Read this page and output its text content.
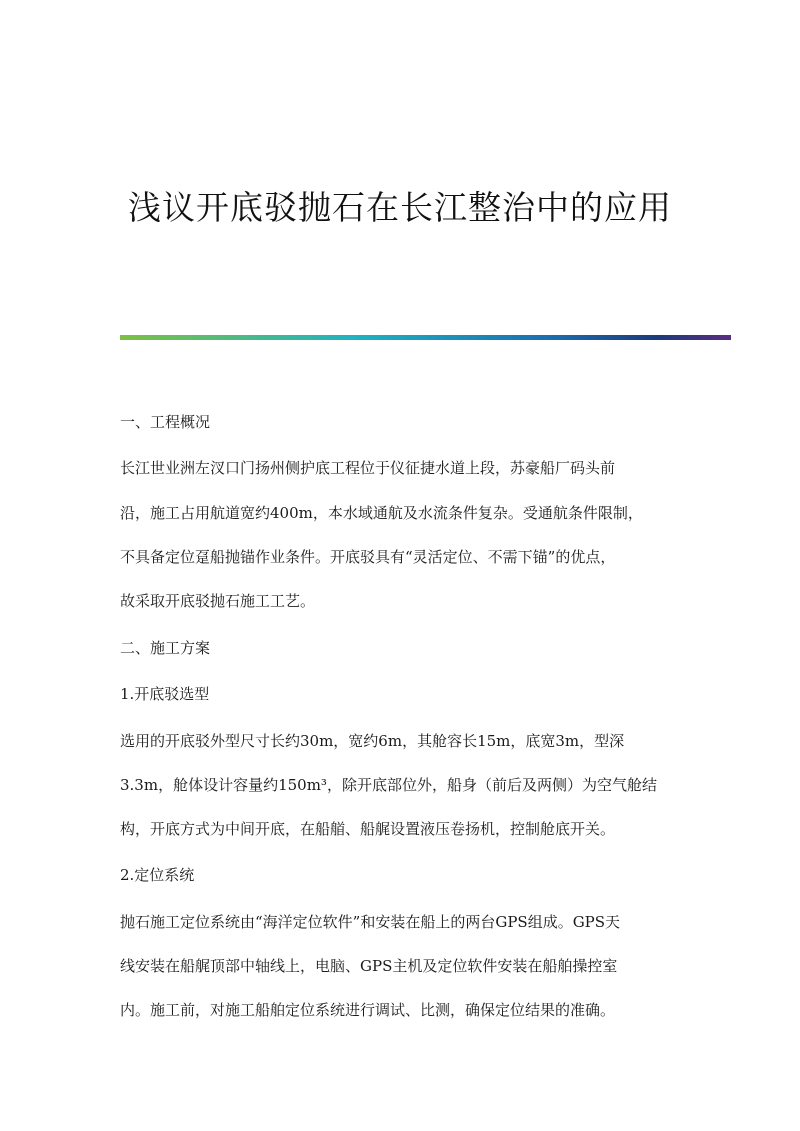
浅议开底驳抛石在长江整治中的应用
一、工程概况
长江世业洲左汊口门扬州侧护底工程位于仪征捷水道上段，苏豪船厂码头前
沿，施工占用航道宽约400m，本水域通航及水流条件复杂。受通航条件限制，
不具备定位趸船抛锚作业条件。开底驳具有“灵活定位、不需下锚”的优点，
故采取开底驳抛石施工工艺。
二、施工方案
1.开底驳选型
选用的开底驳外型尺寸长约30m，宽约6m，其舱容长15m，底宽3m，型深
3.3m，舱体设计容量约150m³，除开底部位外，船身（前后及两侧）为空气舱结
构，开底方式为中间开底，在船艏、船艉设置液压卷扬机，控制舱底开关。
2.定位系统
抛石施工定位系统由“海洋定位软件”和安装在船上的两台GPS组成。GPS天
线安装在船艉顶部中轴线上，电脑、GPS主机及定位软件安装在船舶操控室
内。施工前，对施工船舶定位系统进行调试、比测，确保定位结果的准确。
